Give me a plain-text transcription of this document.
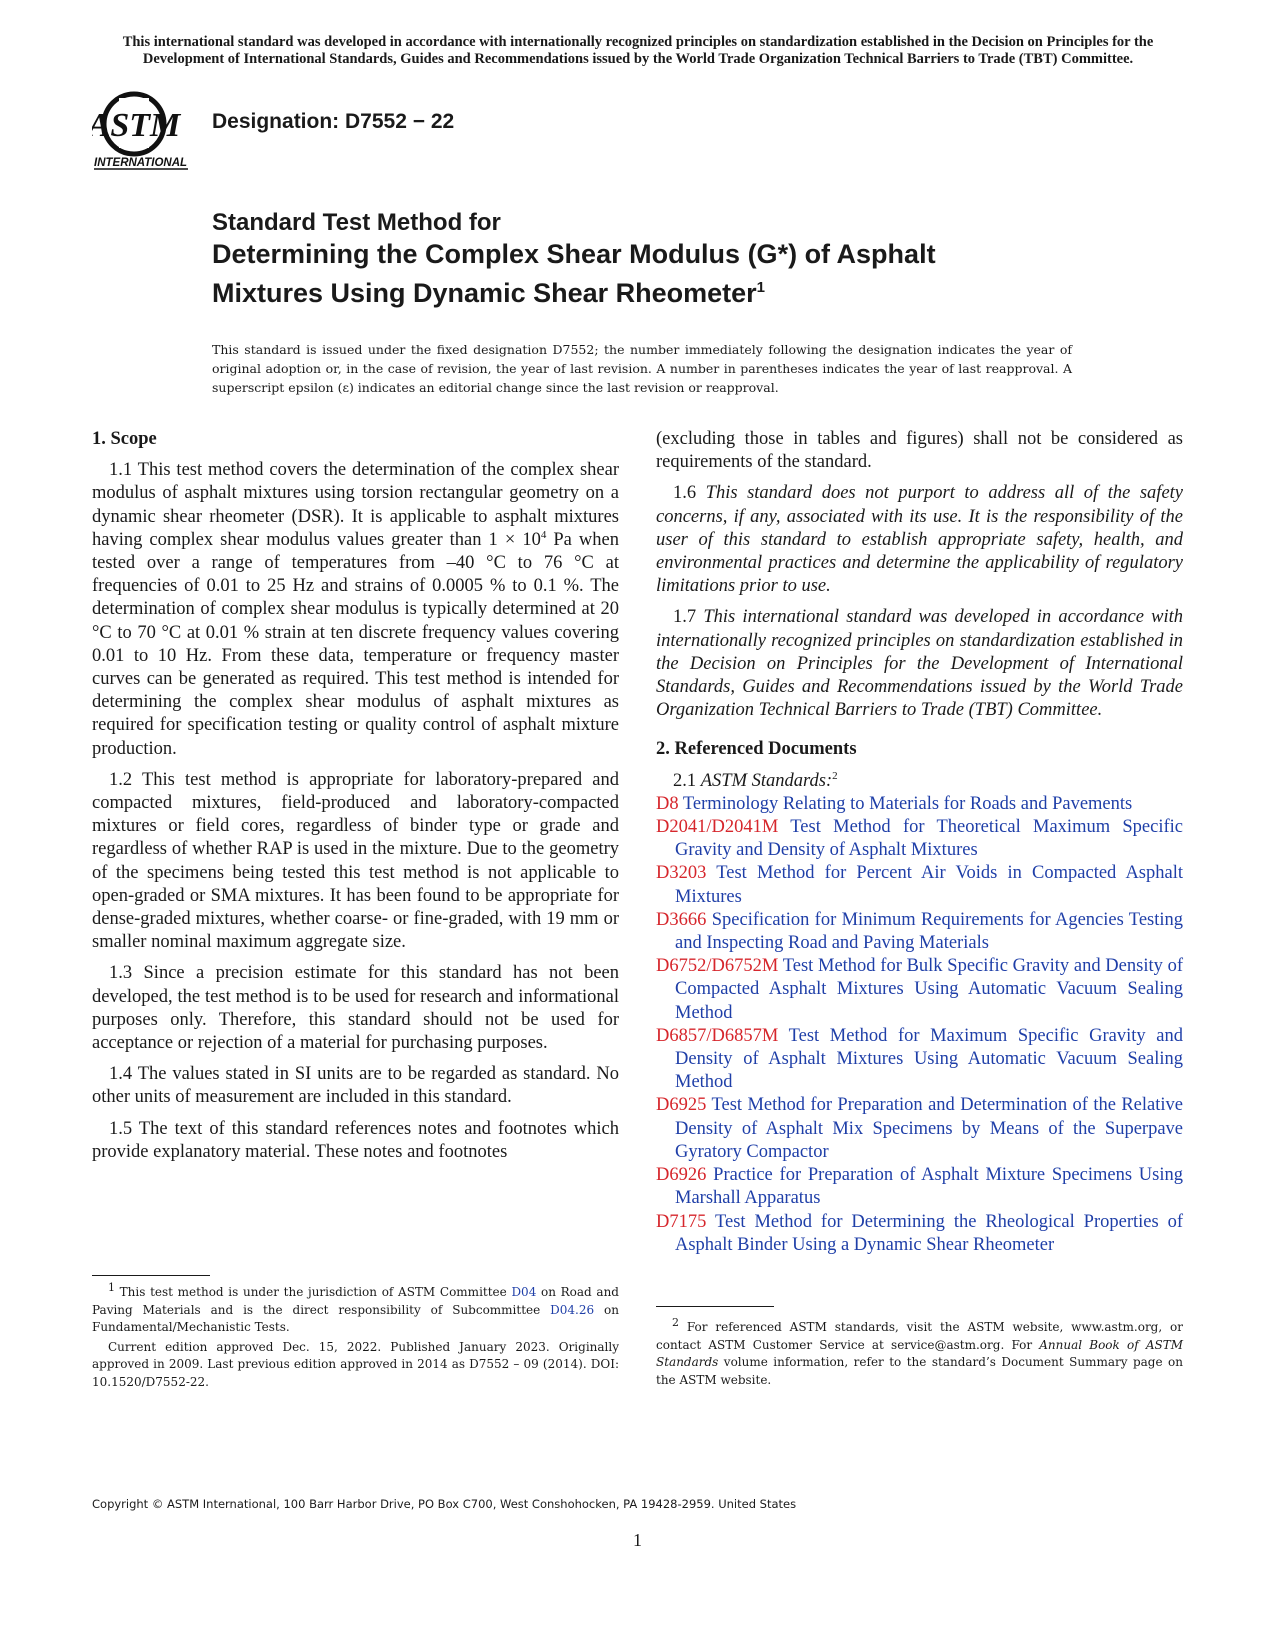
This international standard was developed in accordance with internationally recognized principles on standardization established in the Decision on Principles for the
Development of International Standards, Guides and Recommendations issued by the World Trade Organization Technical Barriers to Trade (TBT) Committee.
ASTM
INTERNATIONAL
Designation: D7552 − 22
Standard Test Method for
Determining the Complex Shear Modulus (G*) of Asphalt
Mixtures Using Dynamic Shear Rheometer$^1$
This standard is issued under the fixed designation D7552; the number immediately following the designation indicates the year of original adoption or, in the case of revision, the year of last revision. A number in parentheses indicates the year of last reapproval. A superscript epsilon (ε) indicates an editorial change since the last revision or reapproval.
1. Scope

1.1 This test method covers the determination of the complex shear modulus of asphalt mixtures using torsion rectangular geometry on a dynamic shear rheometer (DSR). It is applicable to asphalt mixtures having complex shear modulus values greater than $1 \times 10^4$ Pa when tested over a range of temperatures from –40 °C to 76 °C at frequencies of 0.01 to 25 Hz and strains of 0.0005 % to 0.1 %. The determination of complex shear modulus is typically determined at 20 °C to 70 °C at 0.01 % strain at ten discrete frequency values covering 0.01 to 10 Hz. From these data, temperature or frequency master curves can be generated as required. This test method is intended for determining the complex shear modulus of asphalt mixtures as required for specification testing or quality control of asphalt mixture production.

1.2 This test method is appropriate for laboratory-prepared and compacted mixtures, field-produced and laboratory-compacted mixtures or field cores, regardless of binder type or grade and regardless of whether RAP is used in the mixture. Due to the geometry of the specimens being tested this test method is not applicable to open-graded or SMA mixtures. It has been found to be appropriate for dense-graded mixtures, whether coarse- or fine-graded, with 19 mm or smaller nominal maximum aggregate size.

1.3 Since a precision estimate for this standard has not been developed, the test method is to be used for research and informational purposes only. Therefore, this standard should not be used for acceptance or rejection of a material for purchasing purposes.

1.4 The values stated in SI units are to be regarded as standard. No other units of measurement are included in this standard.

1.5 The text of this standard references notes and footnotes which provide explanatory material. These notes and footnotes

(excluding those in tables and figures) shall not be considered as requirements of the standard.

1.6 This standard does not purport to address all of the safety concerns, if any, associated with its use. It is the responsibility of the user of this standard to establish appropriate safety, health, and environmental practices and determine the applicability of regulatory limitations prior to use.

1.7 This international standard was developed in accordance with internationally recognized principles on standardization established in the Decision on Principles for the Development of International Standards, Guides and Recommendations issued by the World Trade Organization Technical Barriers to Trade (TBT) Committee.

2. Referenced Documents

2.1 ASTM Standards:$^2$

D8 Terminology Relating to Materials for Roads and Pavements
D2041/D2041M Test Method for Theoretical Maximum Specific Gravity and Density of Asphalt Mixtures
D3203 Test Method for Percent Air Voids in Compacted Asphalt Mixtures
D3666 Specification for Minimum Requirements for Agencies Testing and Inspecting Road and Paving Materials
D6752/D6752M Test Method for Bulk Specific Gravity and Density of Compacted Asphalt Mixtures Using Automatic Vacuum Sealing Method
D6857/D6857M Test Method for Maximum Specific Gravity and Density of Asphalt Mixtures Using Automatic Vacuum Sealing Method
D6925 Test Method for Preparation and Determination of the Relative Density of Asphalt Mix Specimens by Means of the Superpave Gyratory Compactor
D6926 Practice for Preparation of Asphalt Mixture Specimens Using Marshall Apparatus
D7175 Test Method for Determining the Rheological Properties of Asphalt Binder Using a Dynamic Shear Rheometer

1 This test method is under the jurisdiction of ASTM Committee D04 on Road and Paving Materials and is the direct responsibility of Subcommittee D04.26 on Fundamental/Mechanistic Tests.

Current edition approved Dec. 15, 2022. Published January 2023. Originally approved in 2009. Last previous edition approved in 2014 as D7552 – 09 (2014). DOI: 10.1520/D7552-22.

2 For referenced ASTM standards, visit the ASTM website, www.astm.org, or contact ASTM Customer Service at service@astm.org. For Annual Book of ASTM Standards volume information, refer to the standard’s Document Summary page on the ASTM website.

Copyright © ASTM International, 100 Barr Harbor Drive, PO Box C700, West Conshohocken, PA 19428-2959. United States
1
